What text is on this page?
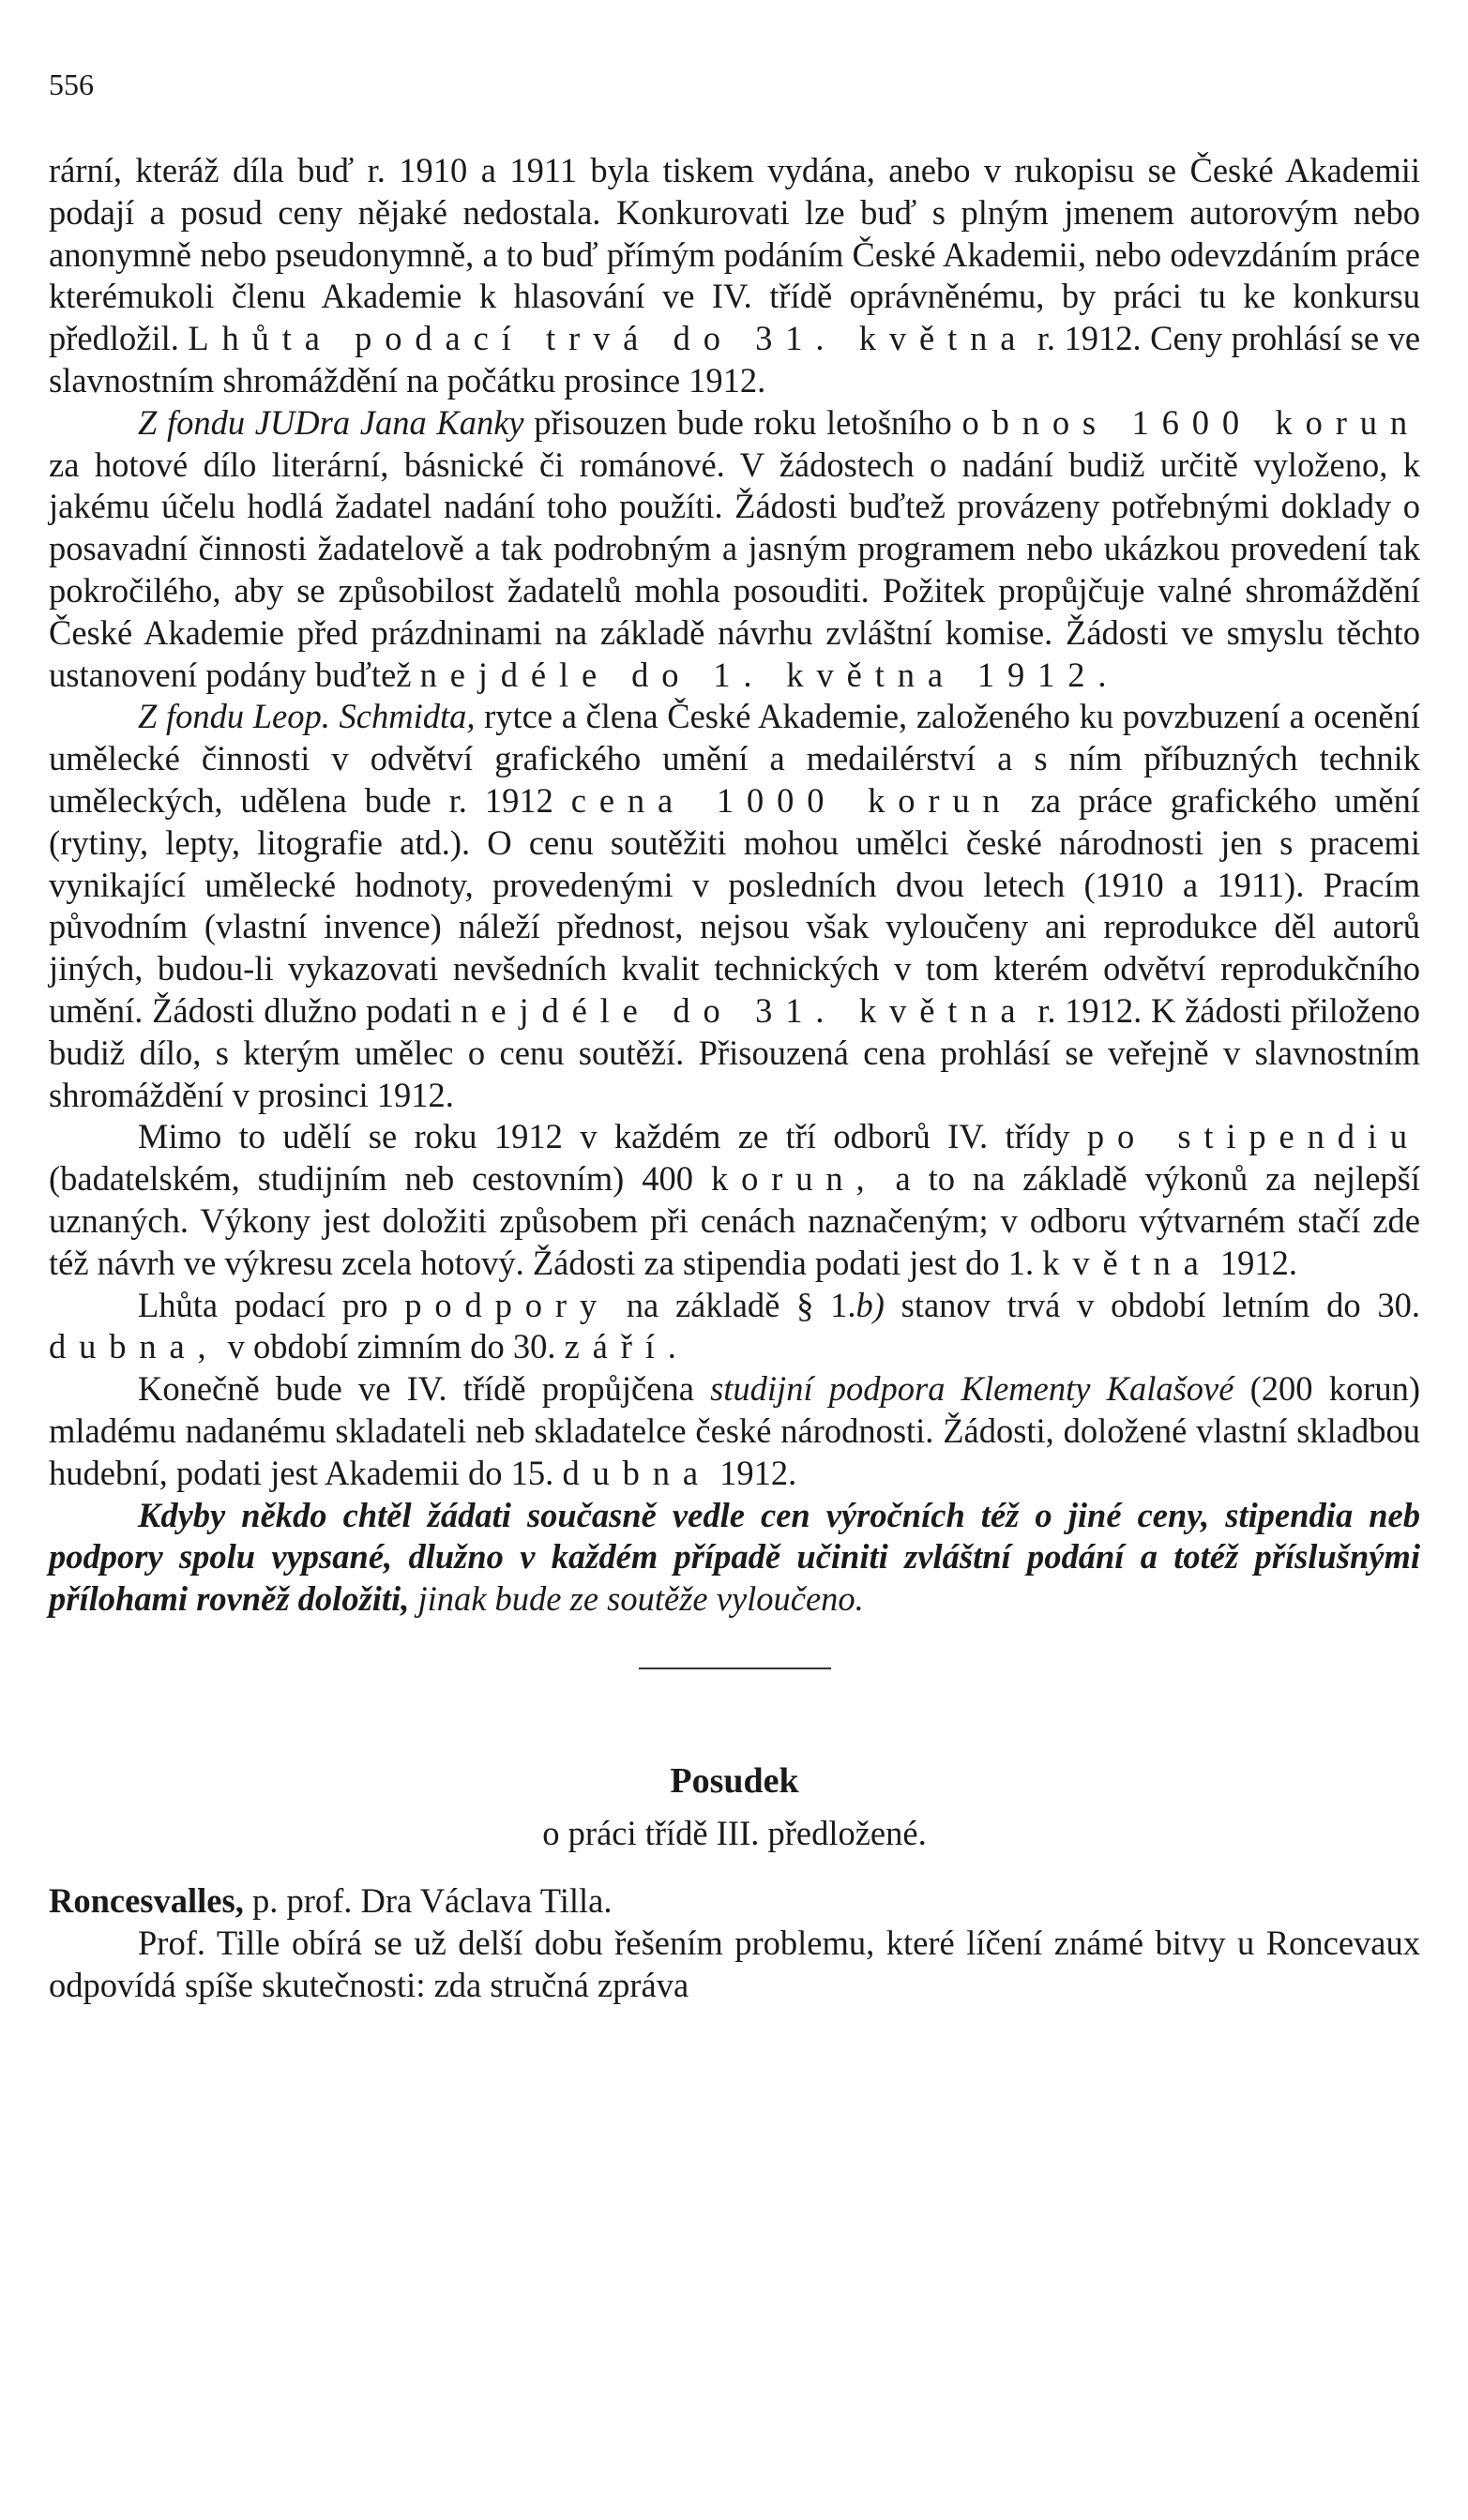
556

rární, kteráž díla buď r. 1910 a 1911 byla tiskem vydána, anebo v rukopisu se České Akademii podají a posud ceny nějaké nedostala. Konkurovati lze buď s plným jmenem autorovým nebo anonymně nebo pseudonymně, a to buď přímým podáním České Akademii, nebo odevzdáním práce kterémukoli členu Akademie k hlasování ve IV. třídě oprávněnému, by práci tu ke konkursu předložil. Lhůta podací trvá do 31. května r. 1912. Ceny prohlásí se ve slavnostním shromáždění na počátku prosince 1912.

Z fondu JUDra Jana Kanky přisouzen bude roku letošního obnos 1600 korun za hotové dílo literární, básnické či románové. V žádostech o nadání budiž určitě vyloženo, k jakému účelu hodlá žadatel nadání toho použíti. Žádosti buďtež provázeny potřebnými doklady o posavadní činnosti žadatelově a tak podrobným a jasným programem nebo ukázkou provedení tak pokročilého, aby se způsobilost žadatelů mohla posouditi. Požitek propůjčuje valné shromáždění České Akademie před prázdninami na základě návrhu zvláštní komise. Žádosti ve smyslu těchto ustanovení podány buďtež nejdéle do 1. května 1912.

Z fondu Leop. Schmidta, rytce a člena České Akademie, založeného ku povzbuzení a ocenění umělecké činnosti v odvětví grafického umění a medailérství a s ním příbuzných technik uměleckých, udělena bude r. 1912 cena 1000 korun za práce grafického umění (rytiny, lepty, litografie atd.). O cenu soutěžiti mohou umělci české národnosti jen s pracemi vynikající umělecké hodnoty, provedenými v posledních dvou letech (1910 a 1911). Pracím původním (vlastní invence) náleží přednost, nejsou však vyloučeny ani reprodukce děl autorů jiných, budou-li vykazovati nevšedních kvalit technických v tom kterém odvětví reprodukčního umění. Žádosti dlužno podati nejdéle do 31. května r. 1912. K žádosti přiloženo budiž dílo, s kterým umělec o cenu soutěží. Přisouzená cena prohlásí se veřejně v slavnostním shromáždění v prosinci 1912.

Mimo to udělí se roku 1912 v každém ze tří odborů IV. třídy po stipendiu (badatelském, studijním neb cestovním) 400 korun, a to na základě výkonů za nejlepší uznaných. Výkony jest doložiti způsobem při cenách naznačeným; v odboru výtvarném stačí zde též návrh ve výkresu zcela hotový. Žádosti za stipendia podati jest do 1. května 1912.

Lhůta podací pro podpory na základě § 1.b) stanov trvá v období letním do 30. dubna, v období zimním do 30. září.

Konečně bude ve IV. třídě propůjčena studijní podpora Klementy Kalašové (200 korun) mladému nadanému skladateli neb skladatelce české národnosti. Žádosti, doložené vlastní skladbou hudební, podati jest Akademii do 15. dubna 1912.

Kdyby někdo chtěl žádati současně vedle cen výročních též o jiné ceny, stipendia neb podpory spolu vypsané, dlužno v každém případě učiniti zvláštní podání a totéž příslušnými přílohami rovněž doložiti, jinak bude ze soutěže vyloučeno.

Posudek
o práci třídě III. předložené.

Roncesvalles, p. prof. Dra Václava Tilla.

Prof. Tille obírá se už delší dobu řešením problemu, které líčení známé bitvy u Roncevaux odpovídá spíše skutečnosti: zda stručná zpráva
